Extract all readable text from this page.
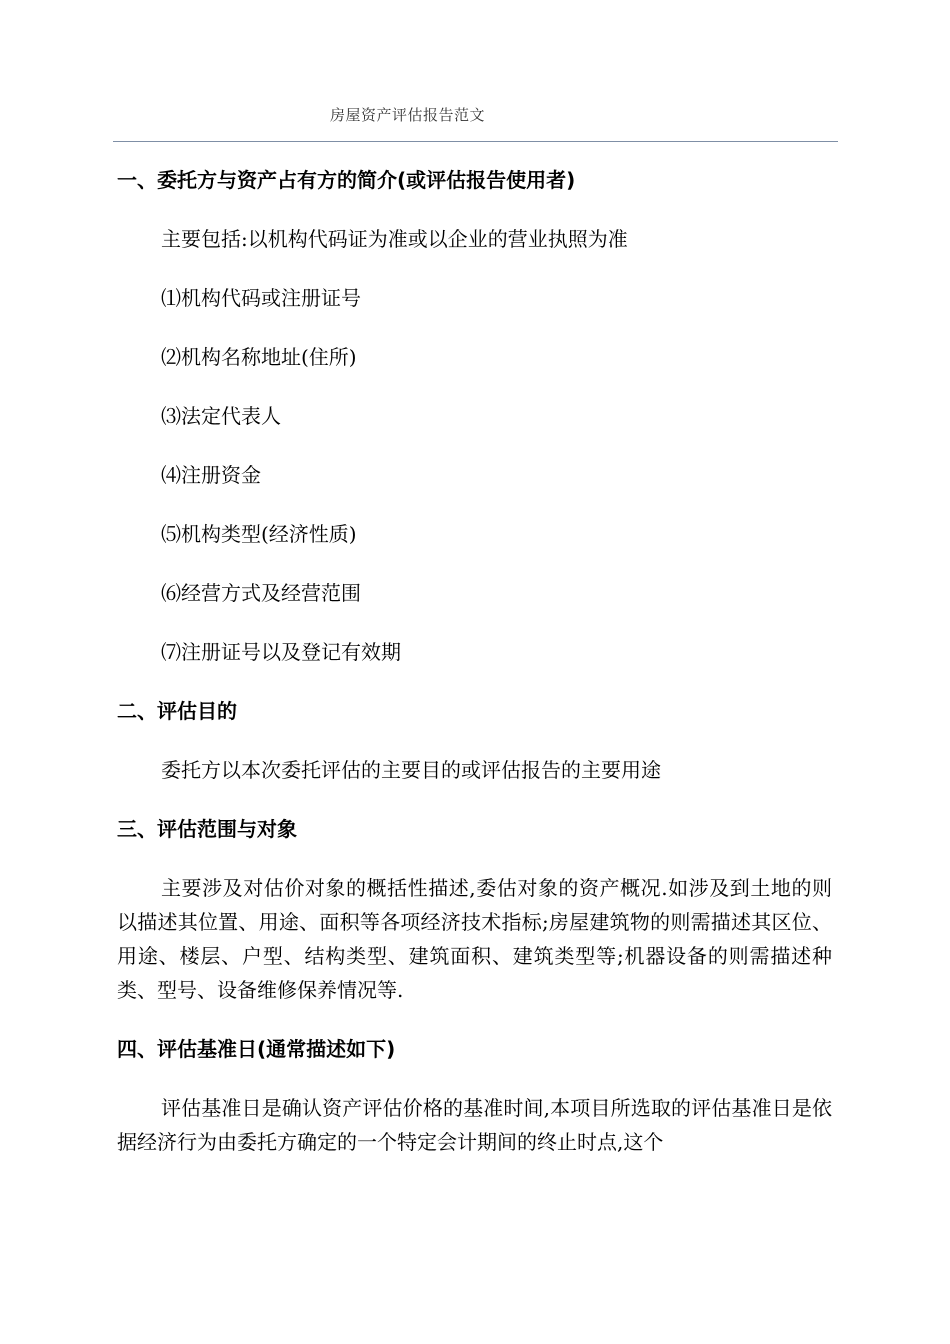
房屋资产评估报告范文

一、委托方与资产占有方的简介(或评估报告使用者)

主要包括:以机构代码证为准或以企业的营业执照为准

⑴机构代码或注册证号

⑵机构名称地址(住所)

⑶法定代表人

⑷注册资金

⑸机构类型(经济性质)

⑹经营方式及经营范围

⑺注册证号以及登记有效期

二、评估目的

委托方以本次委托评估的主要目的或评估报告的主要用途

三、评估范围与对象

主要涉及对估价对象的概括性描述,委估对象的资产概况.如涉及到土地的则以描述其位置、用途、面积等各项经济技术指标;房屋建筑物的则需描述其区位、用途、楼层、户型、结构类型、建筑面积、建筑类型等;机器设备的则需描述种类、型号、设备维修保养情况等.

四、评估基准日(通常描述如下)

评估基准日是确认资产评估价格的基准时间,本项目所选取的评估基准日是依据经济行为由委托方确定的一个特定会计期间的终止时点,这个
